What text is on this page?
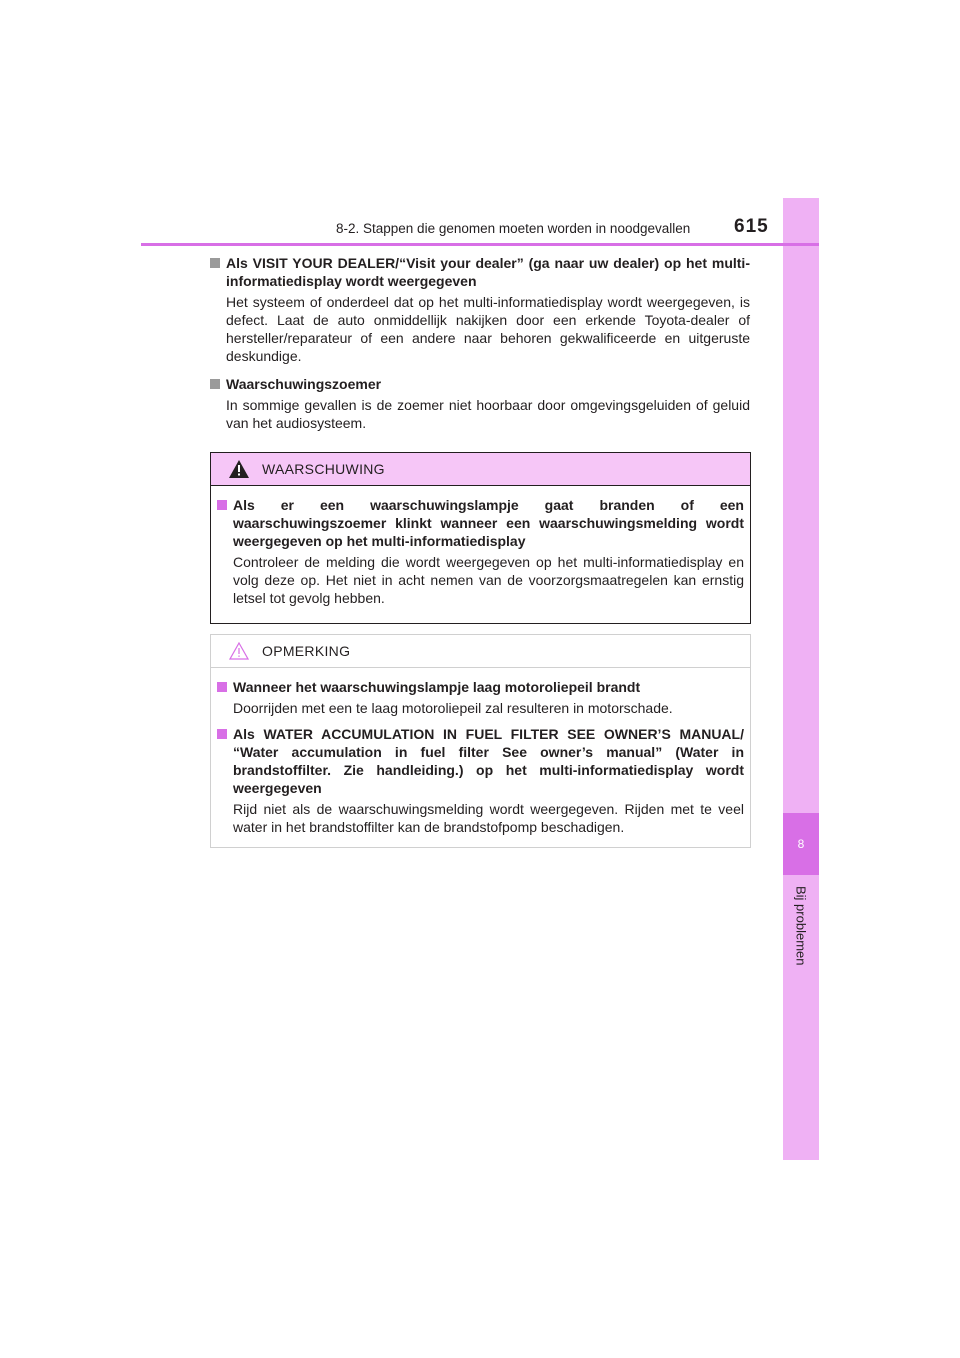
8
Bij problemen
8-2. Stappen die genomen moeten worden in noodgevallen 615
Als VISIT YOUR DEALER/“Visit your dealer” (ga naar uw dealer) op het multi-informatiedisplay wordt weergegeven
Het systeem of onderdeel dat op het multi-informatiedisplay wordt weergegeven, is defect. Laat de auto onmiddellijk nakijken door een erkende Toyota-dealer of hersteller/reparateur of een andere naar behoren gekwalificeerde en uitgeruste deskundige.
Waarschuwingszoemer
In sommige gevallen is de zoemer niet hoorbaar door omgevingsgeluiden of geluid van het audiosysteem.
WAARSCHUWING
Als er een waarschuwingslampje gaat branden of een waarschuwingszoemer klinkt wanneer een waarschuwingsmelding wordt weergegeven op het multi-informatiedisplay
Controleer de melding die wordt weergegeven op het multi-informatiedisplay en volg deze op. Het niet in acht nemen van de voorzorgsmaatregelen kan ernstig letsel tot gevolg hebben.
OPMERKING
Wanneer het waarschuwingslampje laag motoroliepeil brandt
Doorrijden met een te laag motoroliepeil zal resulteren in motorschade.
Als WATER ACCUMULATION IN FUEL FILTER SEE OWNER’S MANUAL/ “Water accumulation in fuel filter See owner’s manual” (Water in brandstoffilter. Zie handleiding.) op het multi-informatiedisplay wordt weergegeven
Rijd niet als de waarschuwingsmelding wordt weergegeven. Rijden met te veel water in het brandstoffilter kan de brandstofpomp beschadigen.
